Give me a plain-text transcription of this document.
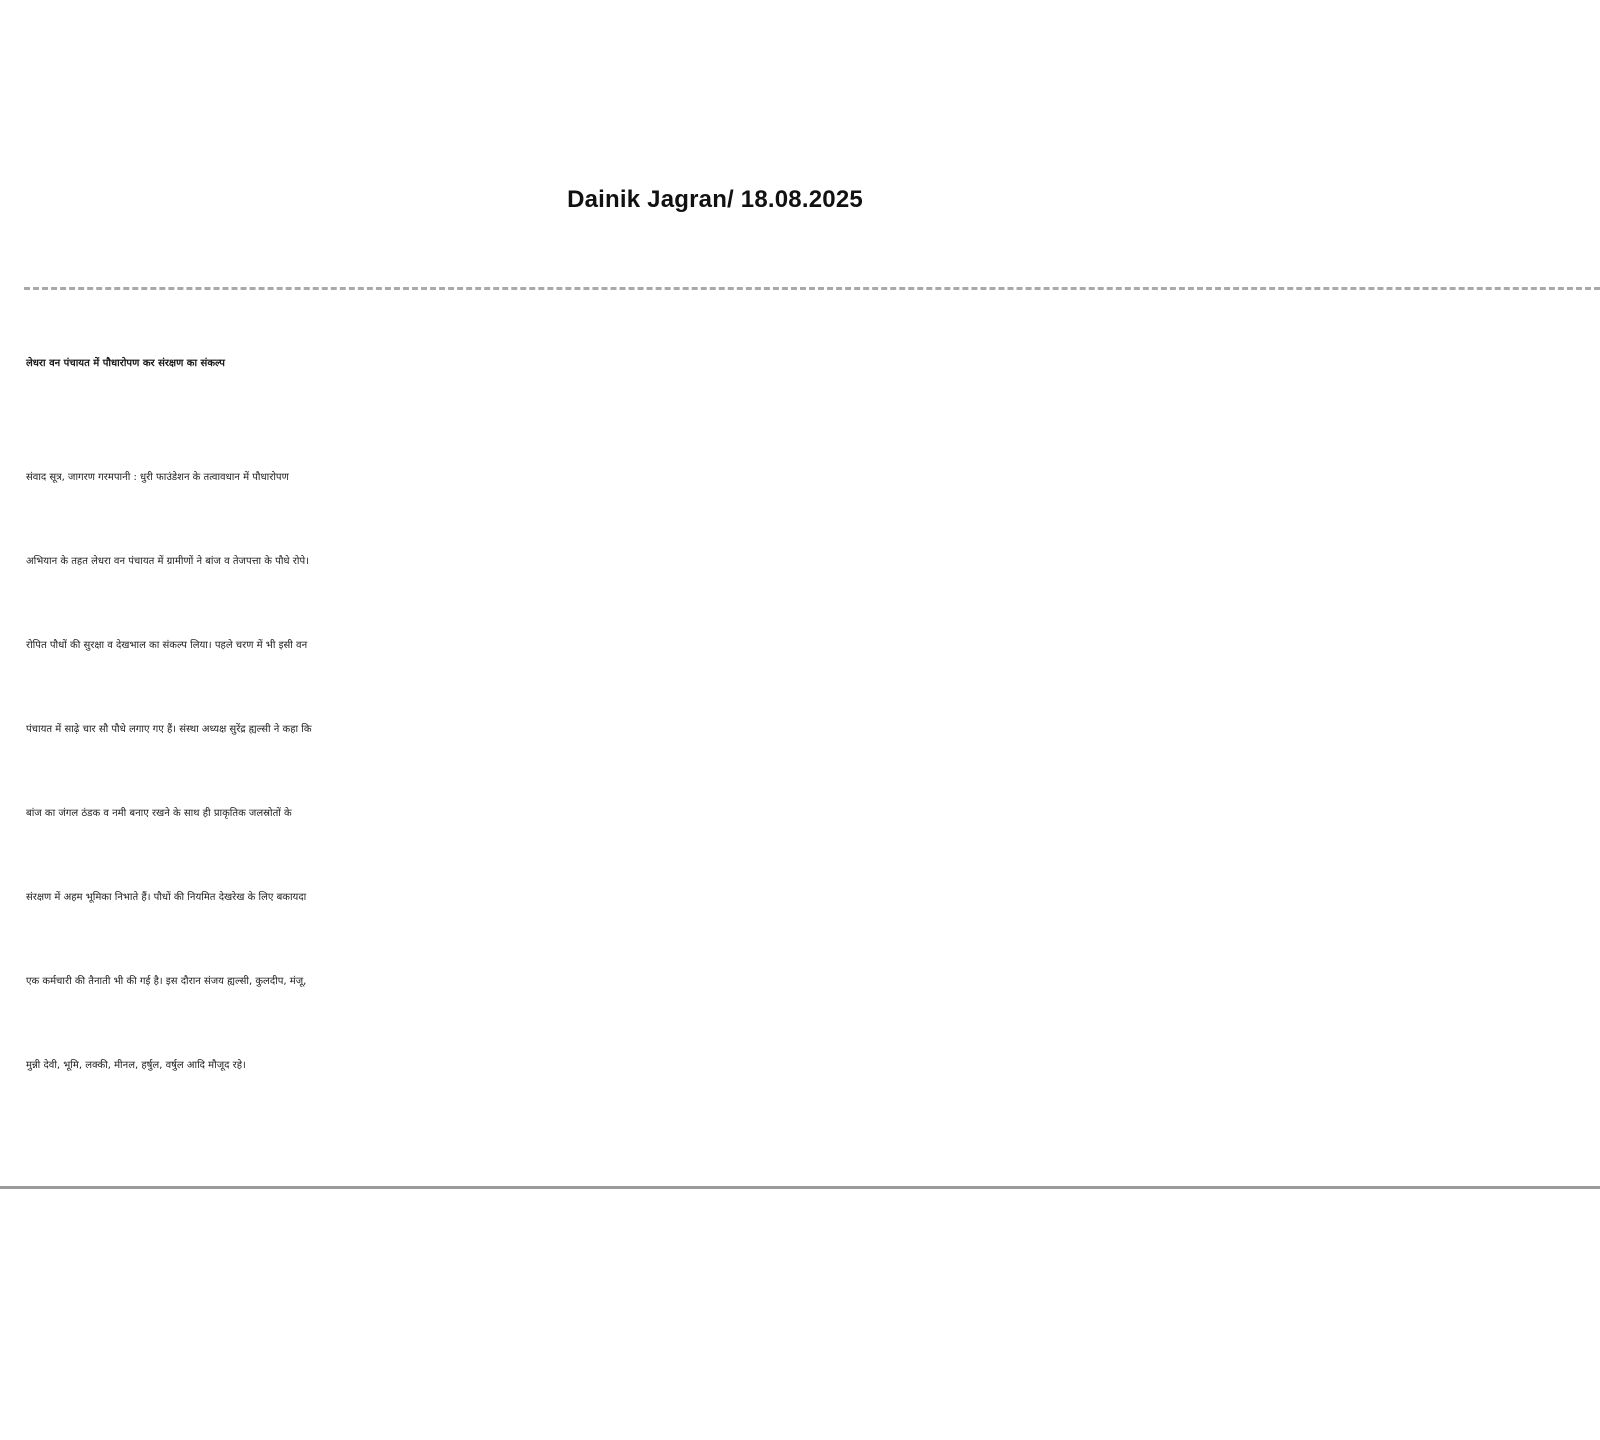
Dainik Jagran/ 18.08.2025
लेधरा वन पंचायत में पौधारोपण कर संरक्षण का संकल्प
संवाद सूत्र, जागरण गरमपानी : धुरी फाउंडेशन के तत्वावधान में पौधारोपण
अभियान के तहत लेधरा वन पंचायत में ग्रामीणों ने बांज व तेजपत्ता के पौधे रोपे।
रोपित पौधों की सुरक्षा व देखभाल का संकल्प लिया। पहले चरण में भी इसी वन
पंचायत में साढ़े चार सौ पौधे लगाए गए हैं। संस्था अध्यक्ष सुरेंद्र ह्यल्सी ने कहा कि
बांज का जंगल ठंडक व नमी बनाए रखने के साथ ही प्राकृतिक जलस्रोतों के
संरक्षण में अहम भूमिका निभाते हैं। पौधों की नियमित देखरेख के लिए बकायदा
एक कर्मचारी की तैनाती भी की गई है। इस दौरान संजय ह्यल्सी, कुलदीप, मंजू,
मुन्नी देवी, भूमि, लक्की, मीनल, हर्षुल, वर्षुल आदि मौजूद रहे।
